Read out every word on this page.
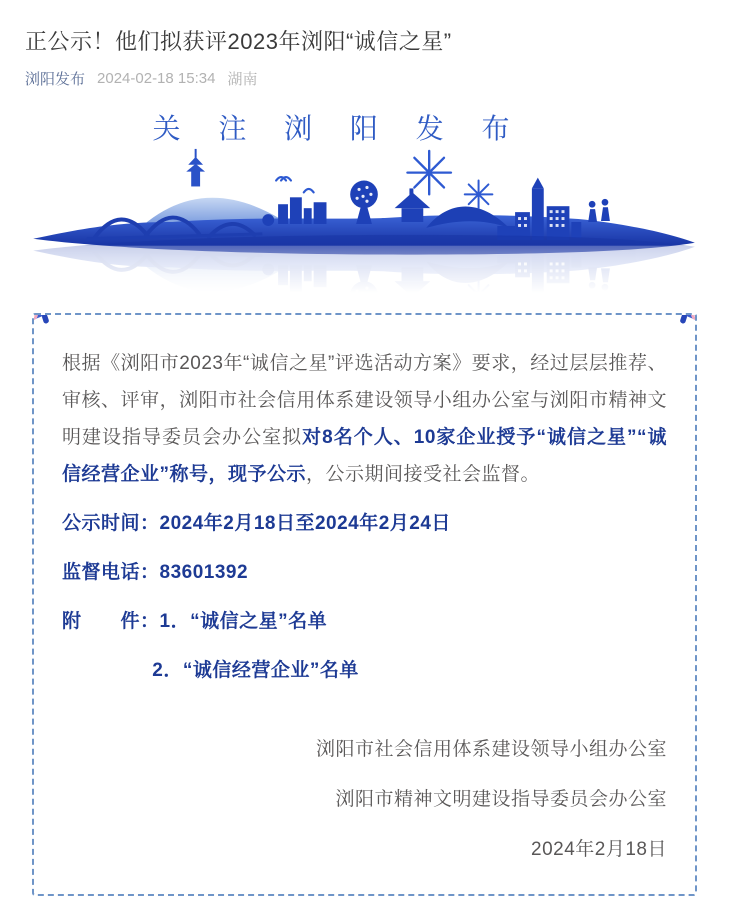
正公示！他们拟获评2023年浏阳“诚信之星”
浏阳发布 2024-02-18 15:34 湖南
关 注 浏 阳 发 布

根据《浏阳市2023年“诚信之星”评选活动方案》要求，经过层层推荐、审核、评审，浏阳市社会信用体系建设领导小组办公室与浏阳市精神文明建设指导委员会办公室拟对8名个人、10家企业授予“诚信之星”“诚信经营企业”称号，现予公示，公示期间接受社会监督。

公示时间：2024年2月18日至2024年2月24日
监督电话：83601392
附　　件：1．“诚信之星”名单
2．“诚信经营企业”名单
浏阳市社会信用体系建设领导小组办公室
浏阳市精神文明建设指导委员会办公室
2024年2月18日
